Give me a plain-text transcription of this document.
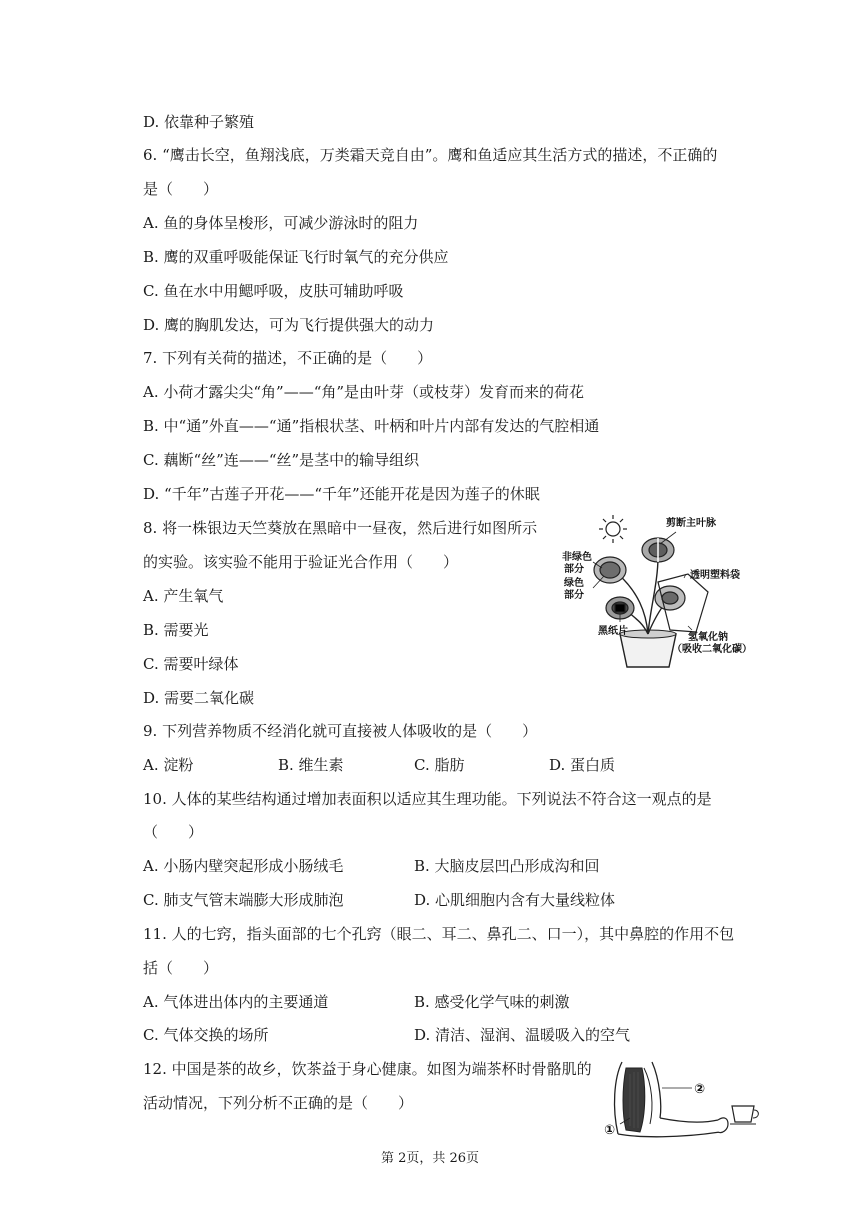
D. 依靠种子繁殖
6. “鹰击长空，鱼翔浅底，万类霜天竞自由”。鹰和鱼适应其生活方式的描述，不正确的
是（　　）
A. 鱼的身体呈梭形，可减少游泳时的阻力
B. 鹰的双重呼吸能保证飞行时氧气的充分供应
C. 鱼在水中用鳃呼吸，皮肤可辅助呼吸
D. 鹰的胸肌发达，可为飞行提供强大的动力
7. 下列有关荷的描述，不正确的是（　　）
A. 小荷才露尖尖“角”——“角”是由叶芽（或枝芽）发育而来的荷花
B. 中“通”外直——“通”指根状茎、叶柄和叶片内部有发达的气腔相通
C. 藕断“丝”连——“丝”是茎中的输导组织
D. “千年”古莲子开花——“千年”还能开花是因为莲子的休眠
8. 将一株银边天竺葵放在黑暗中一昼夜，然后进行如图所示
的实验。该实验不能用于验证光合作用（　　）
A. 产生氧气
B. 需要光
C. 需要叶绿体
D. 需要二氧化碳
剪断主叶脉
非绿色
部分
绿色
部分
透明塑料袋
黑纸片
氢氧化钠
（吸收二氧化碳）
9. 下列营养物质不经消化就可直接被人体吸收的是（　　）
A. 淀粉	B. 维生素	C. 脂肪	D. 蛋白质
10. 人体的某些结构通过增加表面积以适应其生理功能。下列说法不符合这一观点的是
（　　）
A. 小肠内壁突起形成小肠绒毛	B. 大脑皮层凹凸形成沟和回
C. 肺支气管末端膨大形成肺泡	D. 心肌细胞内含有大量线粒体
11. 人的七窍，指头面部的七个孔窍（眼二、耳二、鼻孔二、口一），其中鼻腔的作用不包
括（　　）
A. 气体进出体内的主要通道	B. 感受化学气味的刺激
C. 气体交换的场所	D. 清洁、湿润、温暖吸入的空气
12. 中国是茶的故乡，饮茶益于身心健康。如图为端茶杯时骨骼肌的
活动情况，下列分析不正确的是（　　）
②
①
第 2页，共 26页
